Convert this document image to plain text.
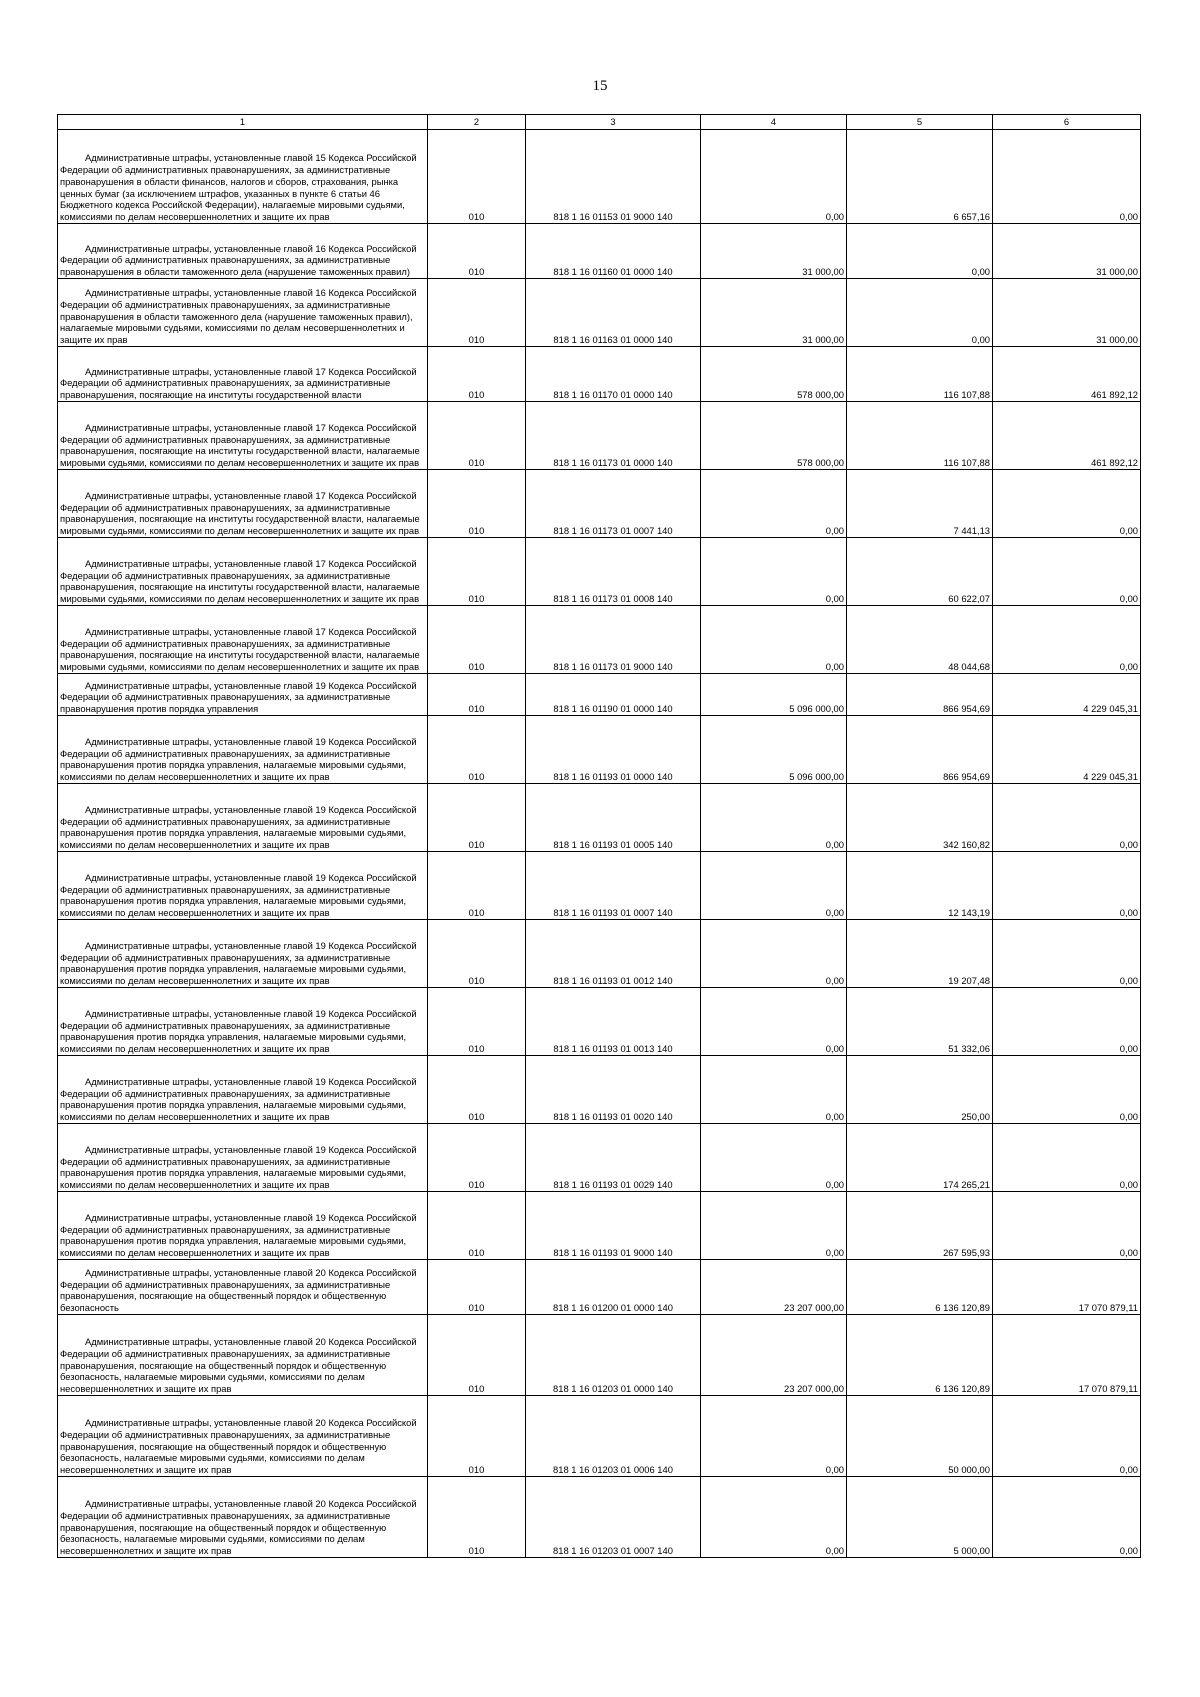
15
1	2	3	4	5	6

Административные штрафы, установленные главой 15 Кодекса Российской Федерации об административных правонарушениях, за административные правонарушения в области финансов, налогов и сборов, страхования, рынка ценных бумаг (за исключением штрафов, указанных в пункте 6 статьи 46 Бюджетного кодекса Российской Федерации), налагаемые мировыми судьями, комиссиями по делам несовершеннолетних и защите их прав	010	818 1 16 01153 01 9000 140	0,00	6 657,16	0,00

Административные штрафы, установленные главой 16 Кодекса Российской Федерации об административных правонарушениях, за административные правонарушения в области таможенного дела (нарушение таможенных правил)	010	818 1 16 01160 01 0000 140	31 000,00	0,00	31 000,00

Административные штрафы, установленные главой 16 Кодекса Российской Федерации об административных правонарушениях, за административные правонарушения в области таможенного дела (нарушение таможенных правил), налагаемые мировыми судьями, комиссиями по делам несовершеннолетних и защите их прав	010	818 1 16 01163 01 0000 140	31 000,00	0,00	31 000,00

Административные штрафы, установленные главой 17 Кодекса Российской Федерации об административных правонарушениях, за административные правонарушения, посягающие на институты государственной власти	010	818 1 16 01170 01 0000 140	578 000,00	116 107,88	461 892,12

Административные штрафы, установленные главой 17 Кодекса Российской Федерации об административных правонарушениях, за административные правонарушения, посягающие на институты государственной власти, налагаемые мировыми судьями, комиссиями по делам несовершеннолетних и защите их прав	010	818 1 16 01173 01 0000 140	578 000,00	116 107,88	461 892,12

Административные штрафы, установленные главой 17 Кодекса Российской Федерации об административных правонарушениях, за административные правонарушения, посягающие на институты государственной власти, налагаемые мировыми судьями, комиссиями по делам несовершеннолетних и защите их прав	010	818 1 16 01173 01 0007 140	0,00	7 441,13	0,00

Административные штрафы, установленные главой 17 Кодекса Российской Федерации об административных правонарушениях, за административные правонарушения, посягающие на институты государственной власти, налагаемые мировыми судьями, комиссиями по делам несовершеннолетних и защите их прав	010	818 1 16 01173 01 0008 140	0,00	60 622,07	0,00

Административные штрафы, установленные главой 17 Кодекса Российской Федерации об административных правонарушениях, за административные правонарушения, посягающие на институты государственной власти, налагаемые мировыми судьями, комиссиями по делам несовершеннолетних и защите их прав	010	818 1 16 01173 01 9000 140	0,00	48 044,68	0,00

Административные штрафы, установленные главой 19 Кодекса Российской Федерации об административных правонарушениях, за административные правонарушения против порядка управления	010	818 1 16 01190 01 0000 140	5 096 000,00	866 954,69	4 229 045,31

Административные штрафы, установленные главой 19 Кодекса Российской Федерации об административных правонарушениях, за административные правонарушения против порядка управления, налагаемые мировыми судьями, комиссиями по делам несовершеннолетних и защите их прав	010	818 1 16 01193 01 0000 140	5 096 000,00	866 954,69	4 229 045,31

Административные штрафы, установленные главой 19 Кодекса Российской Федерации об административных правонарушениях, за административные правонарушения против порядка управления, налагаемые мировыми судьями, комиссиями по делам несовершеннолетних и защите их прав	010	818 1 16 01193 01 0005 140	0,00	342 160,82	0,00

Административные штрафы, установленные главой 19 Кодекса Российской Федерации об административных правонарушениях, за административные правонарушения против порядка управления, налагаемые мировыми судьями, комиссиями по делам несовершеннолетних и защите их прав	010	818 1 16 01193 01 0007 140	0,00	12 143,19	0,00

Административные штрафы, установленные главой 19 Кодекса Российской Федерации об административных правонарушениях, за административные правонарушения против порядка управления, налагаемые мировыми судьями, комиссиями по делам несовершеннолетних и защите их прав	010	818 1 16 01193 01 0012 140	0,00	19 207,48	0,00

Административные штрафы, установленные главой 19 Кодекса Российской Федерации об административных правонарушениях, за административные правонарушения против порядка управления, налагаемые мировыми судьями, комиссиями по делам несовершеннолетних и защите их прав	010	818 1 16 01193 01 0013 140	0,00	51 332,06	0,00

Административные штрафы, установленные главой 19 Кодекса Российской Федерации об административных правонарушениях, за административные правонарушения против порядка управления, налагаемые мировыми судьями, комиссиями по делам несовершеннолетних и защите их прав	010	818 1 16 01193 01 0020 140	0,00	250,00	0,00

Административные штрафы, установленные главой 19 Кодекса Российской Федерации об административных правонарушениях, за административные правонарушения против порядка управления, налагаемые мировыми судьями, комиссиями по делам несовершеннолетних и защите их прав	010	818 1 16 01193 01 0029 140	0,00	174 265,21	0,00

Административные штрафы, установленные главой 19 Кодекса Российской Федерации об административных правонарушениях, за административные правонарушения против порядка управления, налагаемые мировыми судьями, комиссиями по делам несовершеннолетних и защите их прав	010	818 1 16 01193 01 9000 140	0,00	267 595,93	0,00

Административные штрафы, установленные главой 20 Кодекса Российской Федерации об административных правонарушениях, за административные правонарушения, посягающие на общественный порядок и общественную безопасность	010	818 1 16 01200 01 0000 140	23 207 000,00	6 136 120,89	17 070 879,11

Административные штрафы, установленные главой 20 Кодекса Российской Федерации об административных правонарушениях, за административные правонарушения, посягающие на общественный порядок и общественную безопасность, налагаемые мировыми судьями, комиссиями по делам несовершеннолетних и защите их прав	010	818 1 16 01203 01 0000 140	23 207 000,00	6 136 120,89	17 070 879,11

Административные штрафы, установленные главой 20 Кодекса Российской Федерации об административных правонарушениях, за административные правонарушения, посягающие на общественный порядок и общественную безопасность, налагаемые мировыми судьями, комиссиями по делам несовершеннолетних и защите их прав	010	818 1 16 01203 01 0006 140	0,00	50 000,00	0,00

Административные штрафы, установленные главой 20 Кодекса Российской Федерации об административных правонарушениях, за административные правонарушения, посягающие на общественный порядок и общественную безопасность, налагаемые мировыми судьями, комиссиями по делам несовершеннолетних и защите их прав	010	818 1 16 01203 01 0007 140	0,00	5 000,00	0,00
